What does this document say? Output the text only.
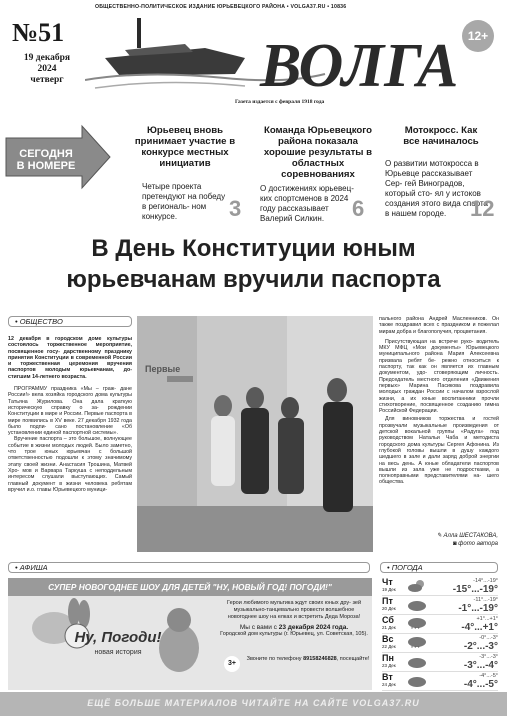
ОБЩЕСТВЕННО-ПОЛИТИЧЕСКОЕ ИЗДАНИЕ ЮРЬЕВЕЦКОГО РАЙОНА • VOLGA37.RU • 10836
№51
19 декабря 2024
четверг	ВОЛГА 12+
Газета издается с февраля 1918 года
СЕГОДНЯ
В НОМЕРЕ
Юрьевец вновь принимает участие в конкурсе местных инициатив
Четыре проекта претендуют на победу в региональ- ном конкурсе.	3
Команда Юрьевецкого района показала хорошие результаты в областных соревнованиях
О достижениях юрьевец- ких спортсменов в 2024 году рассказывает Валерий Силкин.	6
Мотокросс. Как все начиналось
О развитии мотокросса в Юрьевце рассказывает Сер- гей Виноградов, который сто- ял у истоков создания этого вида спорта в нашем городе.	12
В День Конституции юным
юрьевчанам вручили паспорта
• ОБЩЕСТВО
12 декабря в городском доме культуры состоялось торжественное мероприятие, посвященное госу- дарственному празднику принятия Конституции в современной России и торжественная церемония вручения паспортов молодым юрьевчанам, до- стигшим 14-летнего возраста.
ПРОГРАММУ праздника «Мы – граж- дане России!» вела хозяйка городского дома культуры Татьяна Журилова. Она дала краткую историческую справку о за- рождении Конституции в мире и России. Первые паспорта в мире появились в XV веке. 27 декабря 1932 года было подпи- сано постановление «Об установлении единой паспортной системы».
Вручение паспорта – это большое, волнующее событие в жизни молодых людей. Было заметно, что трое юных юрьевчан с большой ответственностью подошли к этому значимому этапу своей жизни. Анастасия Трошина, Матвей Хро- мов и Варвара Таркуша с неподдельным интересом слушали выступающих. Самый главный документ в жизни человека ребятам вручил и.о. главы Юрьевецкого муници-
Первые
пального района Андрей Масленников. Он также поздравил всех с праздником и пожелал мирам добра и благополучия, процветания.
Присутствующая на встрече руко- водитель МКУ МФЦ «Мои документы» Юрьевецкого муниципального района Мария Алексеевна призвала ребят бе- режно относиться к паспорту, так как он является их главным документом, удо- стоверяющим личность. Председатель местного отделения «Движения первых» Марина Пасикова поздравила молодых граждан России с началом взрослой жизни, а их юные воспитанники прочли стихотворение, посвященное созданию гимна Российской Федерации.
Для виновников торжества и гостей прозвучали музыкальные произведения от детской вокальной группы «Радуга» под руководством Натальи Чаба и методиста городского дома культуры Сергея Афонина. Из глубокой головы вышли в душу каждого шедшего в зале и дали заряд доброй энергии на весь день. А юные обладатели паспортов вышли из зала уже не подростками, а полноправными представителями на- шего общества.
✎ Алла ШЕСТАКОВА,
◙ фото автора
• АФИША
СУПЕР НОВОГОДНЕЕ ШОУ ДЛЯ ДЕТЕЙ "НУ, НОВЫЙ ГОД! ПОГОДИ!"
Ну, Погоди!
новая история
Герои любимого мультика ждут своих юных дру- зей музыкально-танцевально провести волшебное новогоднее шоу на елках и встретить Деда Мороза!
Мы с вами с 23 декабря 2024 года.
Городской дом культуры (г. Юрьевец, ул. Советская, 105).
3+
Звоните по телефону 89158246828, посещайте!
• ПОГОДА
Чт
19 Дек
-14°...-19°
-15°...-19°
Пт
20 Дек
-11°...-19°
-1°...-19°
Сб
21 Дек	* * *
+1°...+1°
-4°...+1°
Вс
22 Дек	* * *
-0°...-3°
-2°...-3°
Пн
23 Дек
-3°...-3°
-3°...-4°
Вт
24 Дек
-4°...-5°
-4°...-5°
ЕЩЁ БОЛЬШЕ МАТЕРИАЛОВ ЧИТАЙТЕ НА САЙТЕ VOLGA37.RU
